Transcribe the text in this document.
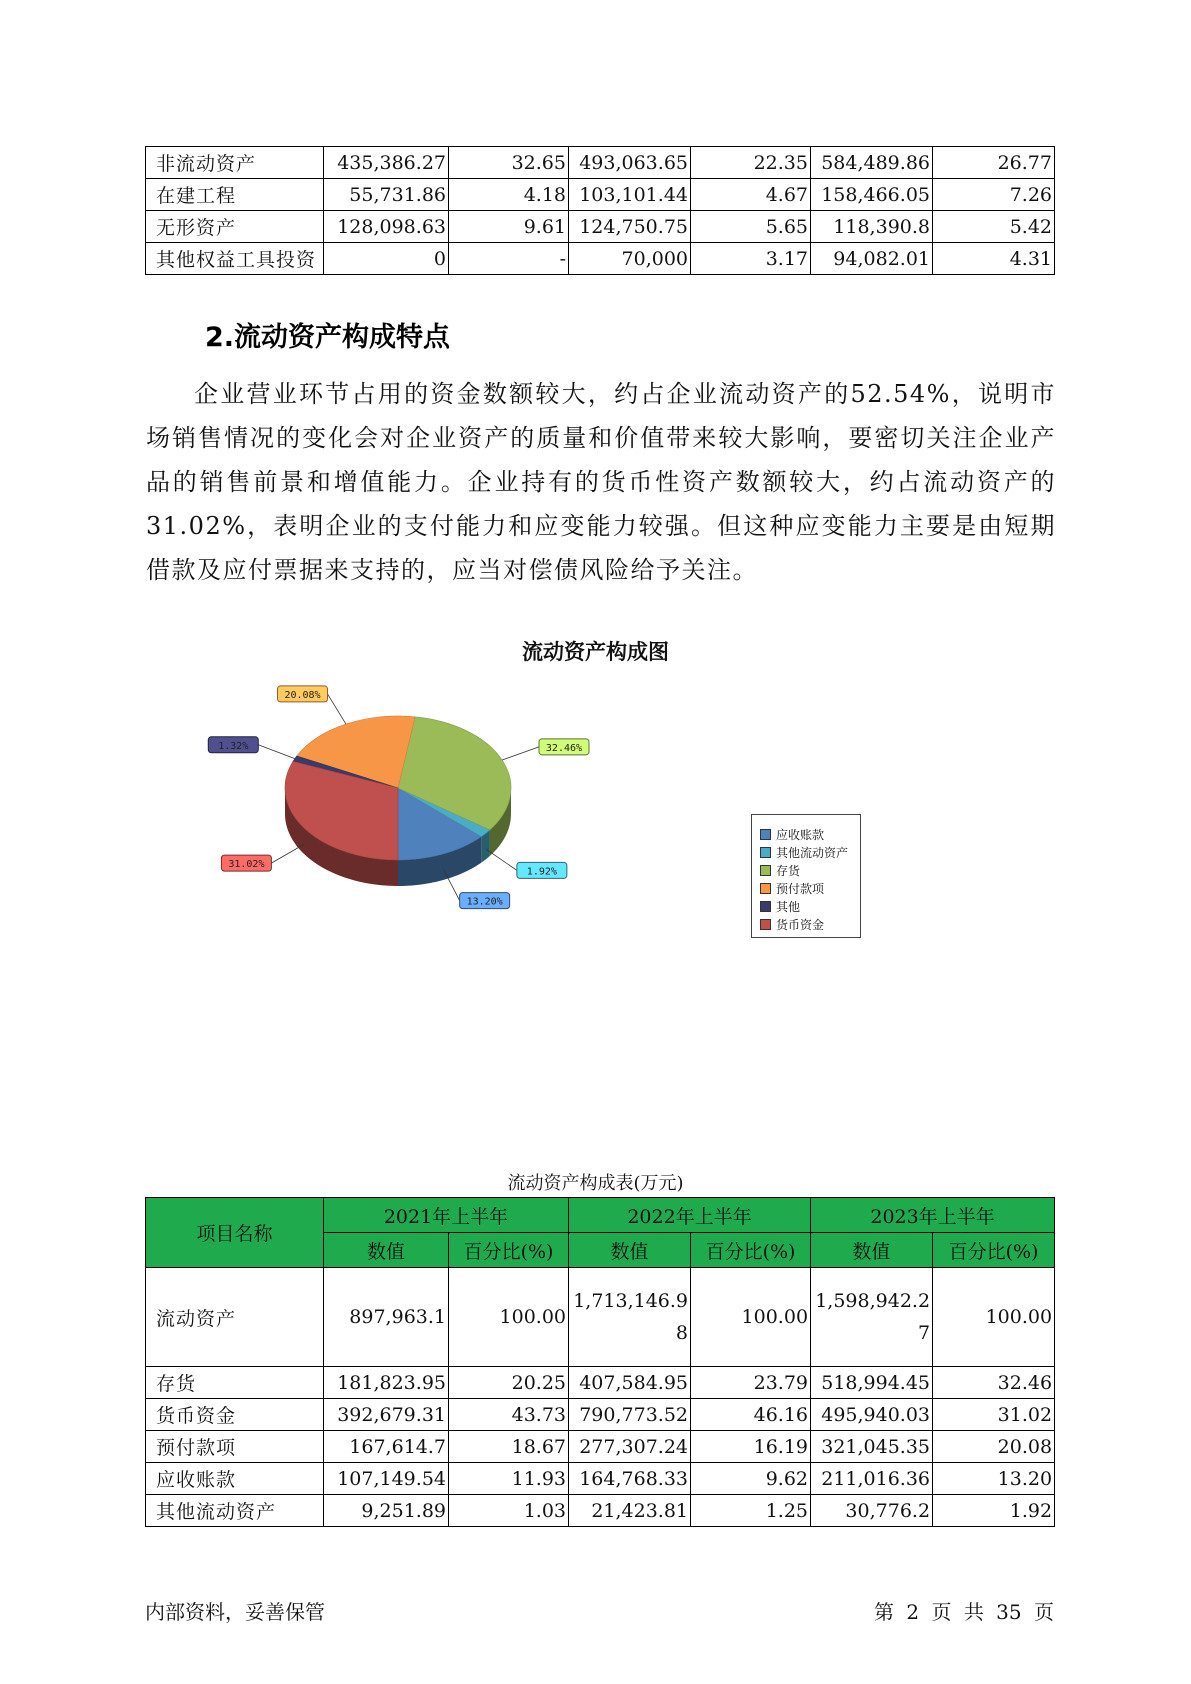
非流动资产	435,386.27	32.65	493,063.65	22.35	584,489.86	26.77
在建工程	55,731.86	4.18	103,101.44	4.67	158,466.05	7.26
无形资产	128,098.63	9.61	124,750.75	5.65	118,390.8	5.42
其他权益工具投资	0	-	70,000	3.17	94,082.01	4.31
2.流动资产构成特点

企业营业环节占用的资金数额较大，约占企业流动资产的52.54%，说明市场销售情况的变化会对企业资产的质量和价值带来较大影响，要密切关注企业产品的销售前景和增值能力。企业持有的货币性资产数额较大，约占流动资产的31.02%，表明企业的支付能力和应变能力较强。但这种应变能力主要是由短期借款及应付票据来支持的，应当对偿债风险给予关注。

流动资产构成图
13.20%
1.92%
32.46%
20.08%
1.32%
31.02%
应收账款
其他流动资产
存货
预付款项
其他
货币资金
流动资产构成表(万元)
项目名称	2021年上半年		2022年上半年		2023年上半年	
	数值	百分比(%)	数值	百分比(%)	数值	百分比(%)
流动资产	897,963.1	100.00	1,713,146.98	100.00	1,598,942.27	100.00
存货	181,823.95	20.25	407,584.95	23.79	518,994.45	32.46
货币资金	392,679.31	43.73	790,773.52	46.16	495,940.03	31.02
预付款项	167,614.7	18.67	277,307.24	16.19	321,045.35	20.08
应收账款	107,149.54	11.93	164,768.33	9.62	211,016.36	13.20
其他流动资产	9,251.89	1.03	21,423.81	1.25	30,776.2	1.92
内部资料，妥善保管	第 2 页 共 35 页
